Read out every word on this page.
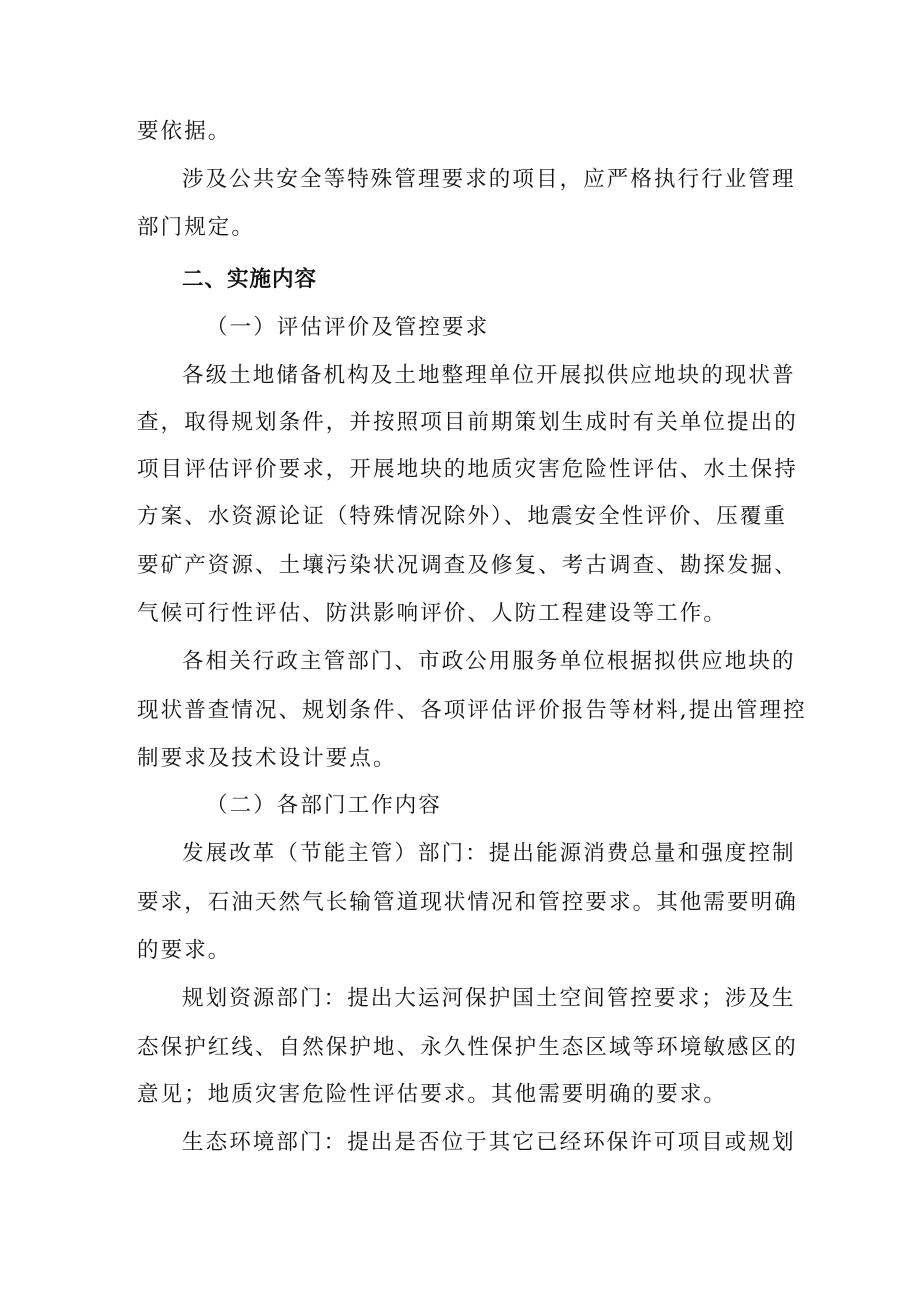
要依据。
涉及公共安全等特殊管理要求的项目，应严格执行行业管理
部门规定。
二、实施内容
（一）评估评价及管控要求
各级土地储备机构及土地整理单位开展拟供应地块的现状普
查，取得规划条件，并按照项目前期策划生成时有关单位提出的
项目评估评价要求，开展地块的地质灾害危险性评估、水土保持
方案、水资源论证（特殊情况除外）、地震安全性评价、压覆重
要矿产资源、土壤污染状况调查及修复、考古调查、勘探发掘、
气候可行性评估、防洪影响评价、人防工程建设等工作。
各相关行政主管部门、市政公用服务单位根据拟供应地块的
现状普查情况、规划条件、各项评估评价报告等材料,提出管理控
制要求及技术设计要点。
（二）各部门工作内容
发展改革（节能主管）部门：提出能源消费总量和强度控制
要求，石油天然气长输管道现状情况和管控要求。其他需要明确
的要求。
规划资源部门：提出大运河保护国土空间管控要求；涉及生
态保护红线、自然保护地、永久性保护生态区域等环境敏感区的
意见；地质灾害危险性评估要求。其他需要明确的要求。
生态环境部门：提出是否位于其它已经环保许可项目或规划
